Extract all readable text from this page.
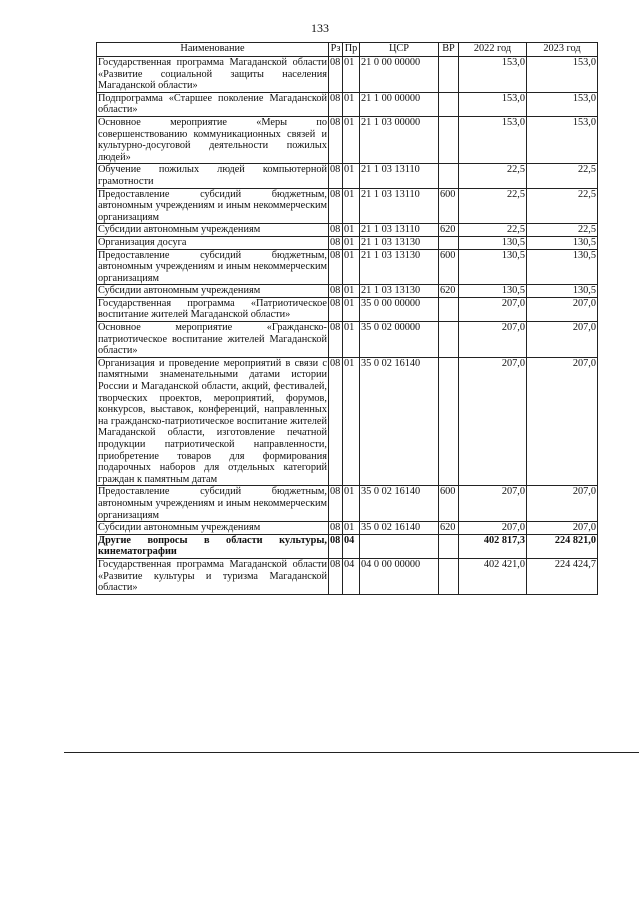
133
Наименование	Рз	Пр	ЦСР	ВР	2022 год	2023 год
Государственная программа Магаданской области «Развитие социальной защиты населения Магаданской области»	08	01	21 0 00 00000		153,0	153,0
Подпрограмма «Старшее поколение Магаданской области»	08	01	21 1 00 00000		153,0	153,0
Основное мероприятие «Меры по совершенствованию коммуникационных связей и культурно-досуговой деятельности пожилых людей»	08	01	21 1 03 00000		153,0	153,0
Обучение пожилых людей компьютерной грамотности	08	01	21 1 03 13110		22,5	22,5
Предоставление субсидий бюджетным, автономным учреждениям и иным некоммерческим организациям	08	01	21 1 03 13110	600	22,5	22,5
Субсидии автономным учреждениям	08	01	21 1 03 13110	620	22,5	22,5
Организация досуга	08	01	21 1 03 13130		130,5	130,5
Предоставление субсидий бюджетным, автономным учреждениям и иным некоммерческим организациям	08	01	21 1 03 13130	600	130,5	130,5
Субсидии автономным учреждениям	08	01	21 1 03 13130	620	130,5	130,5
Государственная программа «Патриотическое воспитание жителей Магаданской области»	08	01	35 0 00 00000		207,0	207,0
Основное мероприятие «Гражданско-патриотическое воспитание жителей Магаданской области»	08	01	35 0 02 00000		207,0	207,0
Организация и проведение мероприятий в связи с памятными знаменательными датами истории России и Магаданской области, акций, фестивалей, творческих проектов, мероприятий, форумов, конкурсов, выставок, конференций, направленных на гражданско-патриотическое воспитание жителей Магаданской области, изготовление печатной продукции патриотической направленности, приобретение товаров для формирования подарочных наборов для отдельных категорий граждан к памятным датам	08	01	35 0 02 16140		207,0	207,0
Предоставление субсидий бюджетным, автономным учреждениям и иным некоммерческим организациям	08	01	35 0 02 16140	600	207,0	207,0
Субсидии автономным учреждениям	08	01	35 0 02 16140	620	207,0	207,0
Другие вопросы в области культуры, кинематографии	08	04			402 817,3	224 821,0
Государственная программа Магаданской области «Развитие культуры и туризма Магаданской области»	08	04	04 0 00 00000		402 421,0	224 424,7
